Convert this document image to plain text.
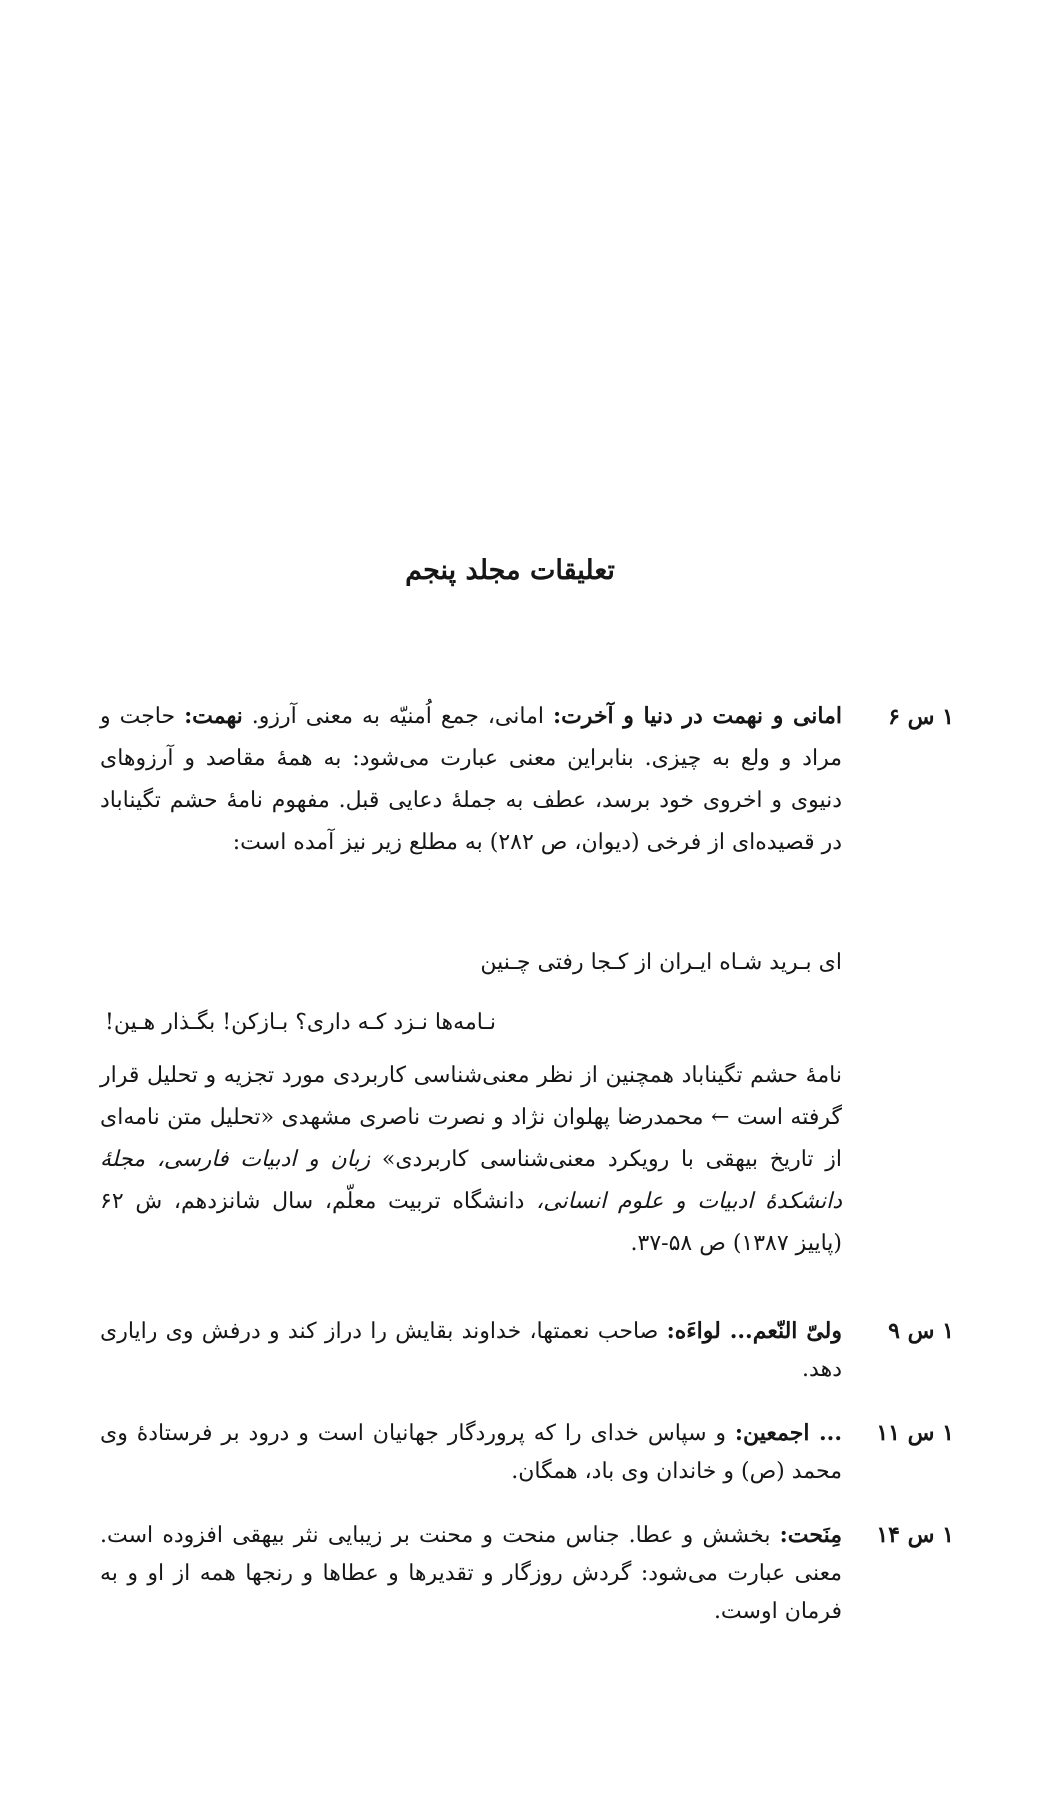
تعلیقات مجلد پنجم
۱ س ۶
امانی و نهمت در دنیا و آخرت: امانی، جمع اُمنیّه به معنی آرزو. نهمت: حاجت و مراد و ولع به چیزی. بنابراین معنی عبارت می‌شود: به همهٔ مقاصد و آرزوهای دنیوی و اخروی خود برسد، عطف به جملهٔ دعایی قبل. مفهوم نامهٔ حشم تگیناباد در قصیده‌ای از فرخی (دیوان، ص ۲۸۲) به مطلع زیر نیز آمده است:
ای بـرید شـاه ایـران از کـجا رفتی چـنین
نـامه‌ها نـزد کـه داری؟ بـازکن! بگـذار هـین!
نامهٔ حشم تگیناباد همچنین از نظر معنی‌شناسی کاربردی مورد تجزیه و تحلیل قرار گرفته است ← محمدرضا پهلوان نژاد و نصرت ناصری مشهدی «تحلیل متن نامه‌ای از تاریخ بیهقی با رویکرد معنی‌شناسی کاربردی» زبان و ادبیات فارسی، مجلهٔ دانشکدهٔ ادبیات و علوم انسانی، دانشگاه تربیت معلّم، سال شانزدهم، ش ۶۲ (پاییز ۱۳۸۷) ص ۵۸-۳۷.
۱ س ۹
ولیّ النّعم... لواءَه: صاحب نعمتها، خداوند بقایش را دراز کند و درفش وی رایاری دهد.
۱ س ۱۱
... اجمعین: و سپاس خدای را که پروردگار جهانیان است و درود بر فرستادهٔ وی محمد (ص) و خاندان وی باد، همگان.
۱ س ۱۴
مِنَحت: بخشش و عطا. جناس منحت و محنت بر زیبایی نثر بیهقی افزوده است. معنی عبارت می‌شود: گردش روزگار و تقدیرها و عطاها و رنجها همه از او و به فرمان اوست.
